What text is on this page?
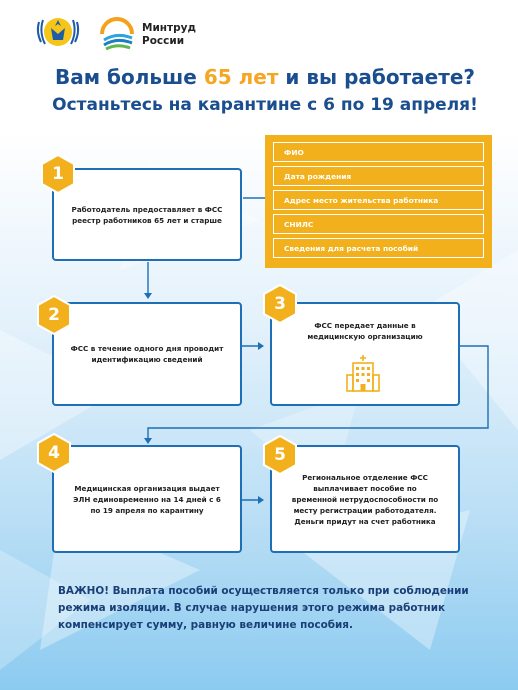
Минтруд
России
Вам больше 65 лет и вы работаете?
Останьтесь на карантине с 6 по 19 апреля!
Работодатель предоставляет в ФСС реестр работников 65 лет и старше
1
ФИО
Дата рождения
Адрес место жительства работника
СНИЛС
Сведения для расчета пособий
ФСС в течение одного дня проводит идентификацию сведений
2
ФСС передает данные в медицинскую организацию
3
Медицинская организация выдает ЭЛН единовременно на 14 дней с 6 по 19 апреля по карантину
4
Региональное отделение ФСС выплачивает пособие по временной нетрудоспособности по месту регистрации работодателя. Деньги придут на счет работника
5
ВАЖНО! Выплата пособий осуществляется только при соблюдении режима изоляции. В случае нарушения этого режима работник компенсирует сумму, равную величине пособия.
